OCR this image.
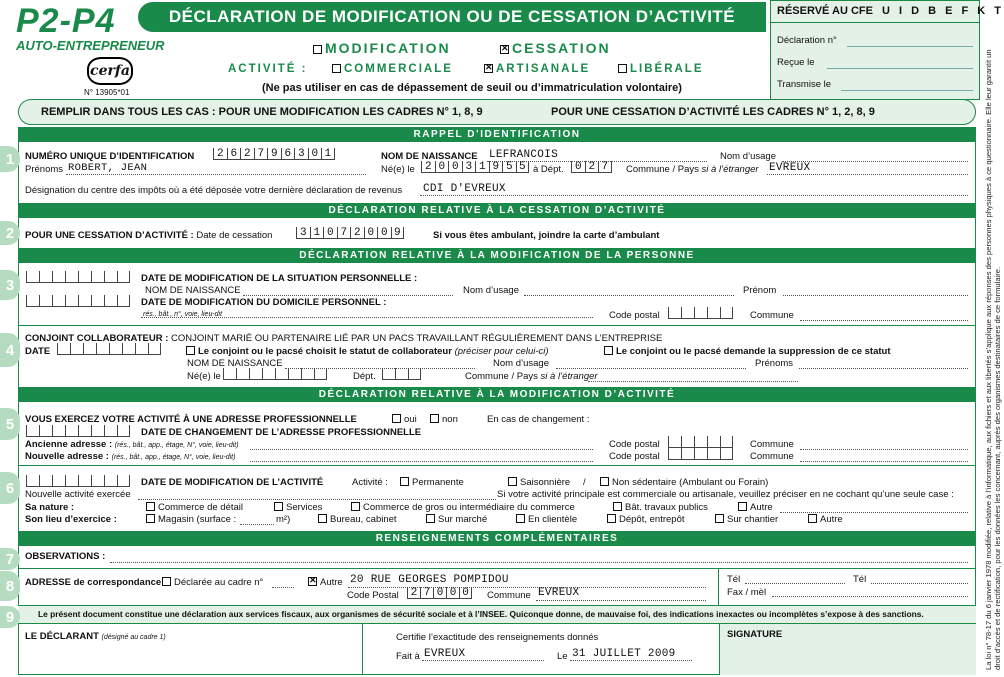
P2-P4
AUTO-ENTREPRENEUR
cerfa
N° 13905*01
DÉCLARATION DE MODIFICATION OU DE CESSATION D’ACTIVITÉ
MODIFICATION ✕	CESSATION
ACTIVITÉ :	COMMERCIALE ✕	ARTISANALE	LIBÉRALE
(Ne pas utiliser en cas de dépassement de seuil ou d’immatriculation volontaire)
RÉSERVÉ AU CFE U I D B E F K T
Déclaration n°
Reçue le
Transmise le
REMPLIR DANS TOUS LES CAS : POUR UNE MODIFICATION LES CADRES N° 1, 8, 9	POUR UNE CESSATION D’ACTIVITÉ LES CADRES N° 1, 2, 8, 9
RAPPEL D’IDENTIFICATION
1	NUMÉRO UNIQUE D’IDENTIFICATION	2 6 2 7 9 6 3 0 1	NOM DE NAISSANCE LEFRANCOIS	Nom d’usage
Prénoms ROBERT, JEAN	Né(e) le 2 0 0 3 1 9 5 5 à Dépt.	0 2 7	Commune / Pays si à l’étranger EVREUX
Désignation du centre des impôts où a été déposée votre dernière déclaration de revenus CDI D'EVREUX
DÉCLARATION RELATIVE À LA CESSATION D’ACTIVITÉ
2	POUR UNE CESSATION D’ACTIVITÉ : Date de cessation	3 1 0 7 2 0 0 9	Si vous êtes ambulant, joindre la carte d’ambulant
DÉCLARATION RELATIVE À LA MODIFICATION DE LA PERSONNE
3	DATE DE MODIFICATION DE LA SITUATION PERSONNELLE :
NOM DE NAISSANCE	Nom d’usage	Prénom
DATE DE MODIFICATION DU DOMICILE PERSONNEL :
rés., bât., n°, voie, lieu-dit	Code postal	Commune
4
CONJOINT COLLABORATEUR : CONJOINT MARIÉ OU PARTENAIRE LIÉ PAR UN PACS TRAVAILLANT RÉGULIÈREMENT DANS L’ENTREPRISE
DATE	Le conjoint ou le pacsé choisit le statut de collaborateur (préciser pour celui-ci)	Le conjoint ou le pacsé demande la suppression de ce statut
NOM DE NAISSANCE	Nom d’usage	Prénoms
Né(e) le	Dépt.	Commune / Pays si à l’étranger
DÉCLARATION RELATIVE À LA MODIFICATION D’ACTIVITÉ
5	VOUS EXERCEZ VOTRE ACTIVITÉ À UNE ADRESSE PROFESSIONNELLE	oui	non	En cas de changement :
DATE DE CHANGEMENT DE L’ADRESSE PROFESSIONNELLE
Ancienne adresse : (rés., bât., app., étage, N°, voie, lieu-dit)	Code postal	Commune
Nouvelle adresse : (rés., bât., app., étage, N°, voie, lieu-dit)	Code postal	Commune
6	DATE DE MODIFICATION DE L’ACTIVITÉ	Activité :	Permanente	Saisonnière /	Non sédentaire (Ambulant ou Forain)
Nouvelle activité exercée	Si votre activité principale est commerciale ou artisanale, veuillez préciser en ne cochant qu’une seule case :
Sa nature :	Commerce de détail	Services	Commerce de gros ou intermédiaire du commerce	Bât. travaux publics	Autre
Son lieu d’exercice :	Magasin (surface :	m²)	Bureau, cabinet	Sur marché	En clientèle	Dépôt, entrepôt	Sur chantier	Autre
RENSEIGNEMENTS COMPLÉMENTAIRES
7	OBSERVATIONS :
8	ADRESSE de correspondance	Déclarée au cadre n° ✕	Autre 20 RUE GEORGES POMPIDOU
Code Postal	2 7 0 0 0	Commune EVREUX
Tél	Tél
Fax / mèl
Le présent document constitue une déclaration aux services fiscaux, aux organismes de sécurité sociale et à l’INSEE. Quiconque donne, de mauvaise foi, des indications inexactes ou incomplètes s’expose à des sanctions.
9
LE DÉCLARANT (désigné au cadre 1)	Certifie l’exactitude des renseignements donnés
Fait à EVREUX	Le 31 JUILLET 2009
SIGNATURE	La loi n° 78-17 du 6 janvier 1978 modifiée, relative à l’informatique, aux fichiers et aux libertés s’applique aux réponses des personnes physiques à ce questionnaire. Elle leur garantit un droit d’accès et de rectification, pour les données les concernant, auprès des organismes destinataires de ce formulaire.
